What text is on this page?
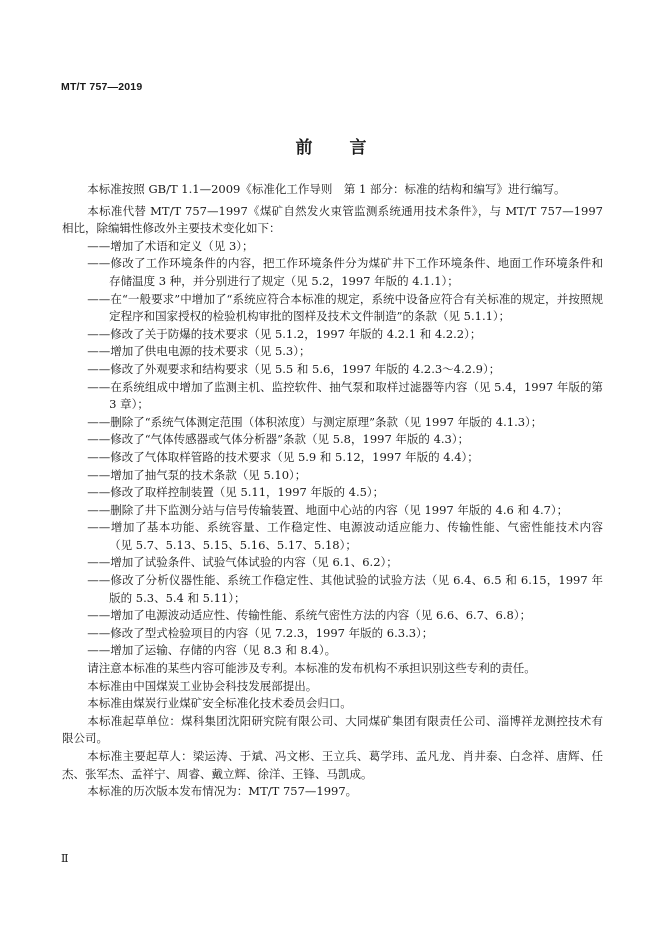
MT/T 757—2019
前　言

本标准按照 GB/T 1.1—2009《标准化工作导则　第 1 部分：标准的结构和编写》进行编写。

本标准代替 MT/T 757—1997《煤矿自然发火束管监测系统通用技术条件》，与 MT/T 757—1997 相比，除编辑性修改外主要技术变化如下：

——增加了术语和定义（见 3）；
——修改了工作环境条件的内容，把工作环境条件分为煤矿井下工作环境条件、地面工作环境条件和存储温度 3 种，并分别进行了规定（见 5.2，1997 年版的 4.1.1）；
——在“一般要求”中增加了“系统应符合本标准的规定，系统中设备应符合有关标准的规定，并按照规定程序和国家授权的检验机构审批的图样及技术文件制造”的条款（见 5.1.1）；
——修改了关于防爆的技术要求（见 5.1.2，1997 年版的 4.2.1 和 4.2.2）；
——增加了供电电源的技术要求（见 5.3）；
——修改了外观要求和结构要求（见 5.5 和 5.6，1997 年版的 4.2.3～4.2.9）；
——在系统组成中增加了监测主机、监控软件、抽气泵和取样过滤器等内容（见 5.4，1997 年版的第 3 章）；
——删除了“系统气体测定范围（体积浓度）与测定原理”条款（见 1997 年版的 4.1.3）；
——修改了“气体传感器或气体分析器”条款（见 5.8，1997 年版的 4.3）；
——修改了气体取样管路的技术要求（见 5.9 和 5.12，1997 年版的 4.4）；
——增加了抽气泵的技术条款（见 5.10）；
——修改了取样控制装置（见 5.11，1997 年版的 4.5）；
——删除了井下监测分站与信号传输装置、地面中心站的内容（见 1997 年版的 4.6 和 4.7）；
——增加了基本功能、系统容量、工作稳定性、电源波动适应能力、传输性能、气密性能技术内容（见 5.7、5.13、5.15、5.16、5.17、5.18）；
——增加了试验条件、试验气体试验的内容（见 6.1、6.2）；
——修改了分析仪器性能、系统工作稳定性、其他试验的试验方法（见 6.4、6.5 和 6.15，1997 年版的 5.3、5.4 和 5.11）；
——增加了电源波动适应性、传输性能、系统气密性方法的内容（见 6.6、6.7、6.8）；
——修改了型式检验项目的内容（见 7.2.3，1997 年版的 6.3.3）；
——增加了运输、存储的内容（见 8.3 和 8.4）。

请注意本标准的某些内容可能涉及专利。本标准的发布机构不承担识别这些专利的责任。

本标准由中国煤炭工业协会科技发展部提出。

本标准由煤炭行业煤矿安全标准化技术委员会归口。

本标准起草单位：煤科集团沈阳研究院有限公司、大同煤矿集团有限责任公司、淄博祥龙测控技术有限公司。

本标准主要起草人：梁运涛、于斌、冯文彬、王立兵、葛学玮、孟凡龙、肖井泰、白念祥、唐辉、任杰、张军杰、孟祥宁、周睿、戴立辉、徐洋、王锋、马凯成。

本标准的历次版本发布情况为：MT/T 757—1997。

Ⅱ
